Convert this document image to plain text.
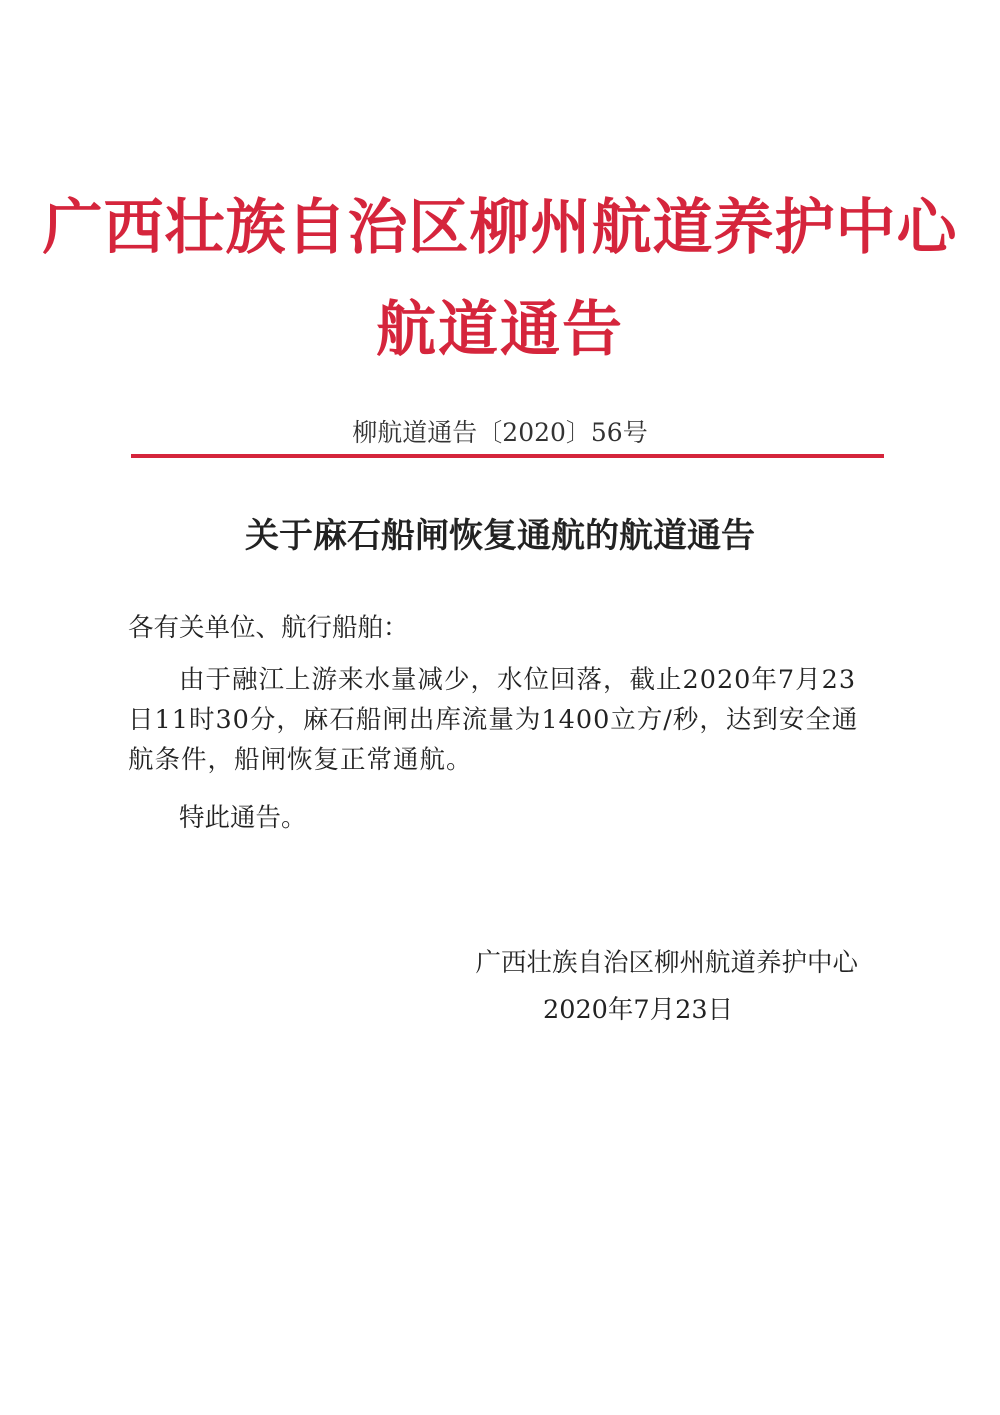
广西壮族自治区柳州航道养护中心
航道通告
柳航道通告〔2020〕56号
关于麻石船闸恢复通航的航道通告
各有关单位、航行船舶：
由于融江上游来水量减少，水位回落，截止2020年7月23日11时30分，麻石船闸出库流量为1400立方/秒，达到安全通航条件，船闸恢复正常通航。
特此通告。
广西壮族自治区柳州航道养护中心
2020年7月23日
